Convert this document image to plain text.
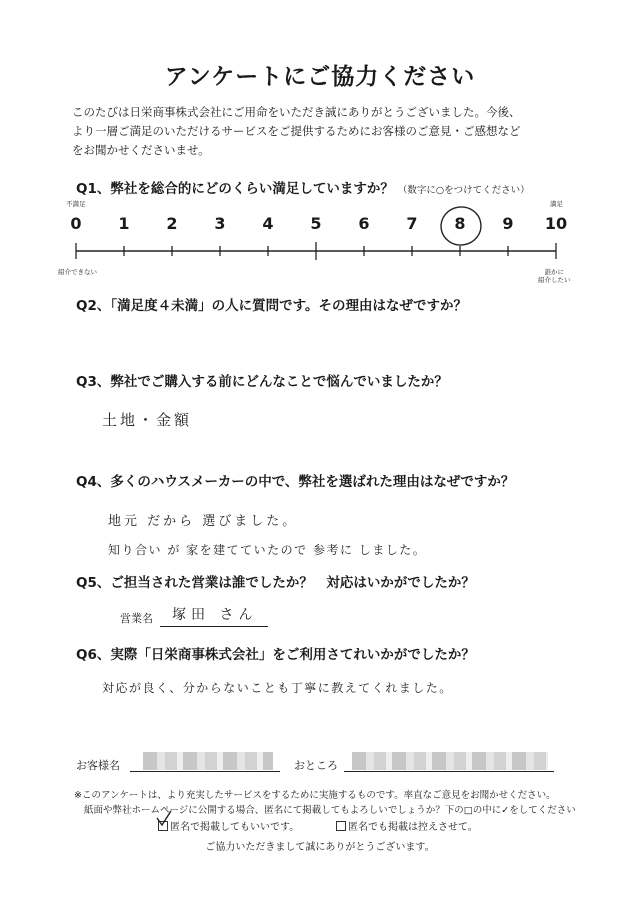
アンケートにご協力ください

このたびは日栄商事株式会社にご用命をいただき誠にありがとうございました。今後、

より一層ご満足のいただけるサービスをご提供するためにお客様のご意見・ご感想など

をお聞かせくださいませ。

Q1、弊社を総合的にどのくらい満足していますか？ （数字に○をつけてください）
不満足	満足
0	1	2	3	4	5	6	7	8	9	10
紹介できない	誰かに
紹介したい
Q2、「満足度４未満」の人に質問です。その理由はなぜですか？
Q3、弊社でご購入する前にどんなことで悩んでいましたか？
土地・金額
Q4、多くのハウスメーカーの中で、弊社を選ばれた理由はなぜですか？
地元 だから 選びました。
知り合い が 家を建てていたので 参考に しました。
Q5、ご担当された営業は誰でしたか？　対応はいかがでしたか？
営業名 塚田 さん
Q6、実際「日栄商事株式会社」をご利用さてれいかがでしたか？
対応が良く、分からないことも丁寧に教えてくれました。
お客様名	おところ
※このアンケートは、より充実したサービスをするために実施するものです。率直なご意見をお聞かせください。
紙面や弊社ホームページに公開する場合、匿名にて掲載してもよろしいでしょうか？下の□の中に✓をしてください
匿名で掲載してもいいです。	匿名でも掲載は控えさせて。
ご協力いただきまして誠にありがとうございます。
